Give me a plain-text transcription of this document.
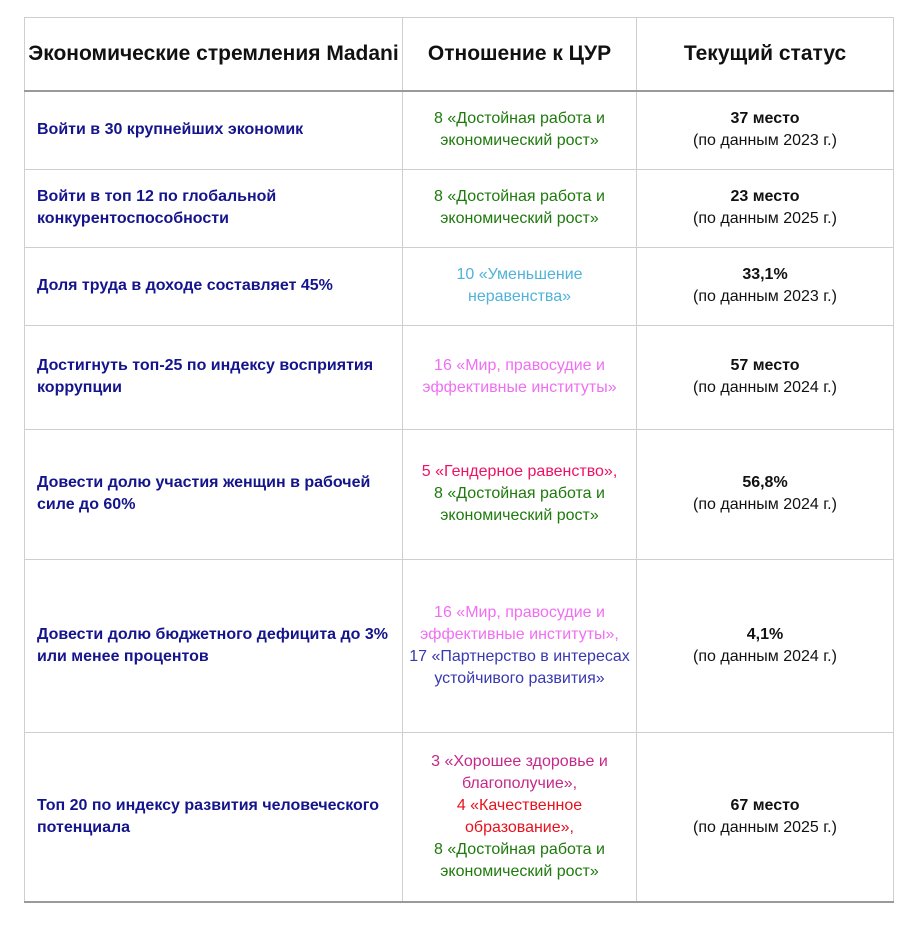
Экономические стремления Madani	Отношение к ЦУР	Текущий статус
Войти в 30 крупнейших экономик	8 «Достойная работа и экономический рост»	37 место
(по данным 2023 г.)

Войти в топ 12 по глобальной конкурентоспособности	8 «Достойная работа и экономический рост»	23 место
(по данным 2025 г.)

Доля труда в доходе составляет 45%	10 «Уменьшение неравенства»	33,1%
(по данным 2023 г.)

Достигнуть топ-25 по индексу восприятия коррупции	16 «Мир, правосудие и эффективные институты»	57 место
(по данным 2024 г.)

Довести долю участия женщин в рабочей силе до 60%	5 «Гендерное равенство»,
8 «Достойная работа и экономический рост»	56,8%
(по данным 2024 г.)

Довести долю бюджетного дефицита до 3% или менее процентов	16 «Мир, правосудие и эффективные институты»,
17 «Партнерство в интересах устойчивого развития»	4,1%
(по данным 2024 г.)

Топ 20 по индексу развития человеческого потенциала	3 «Хорошее здоровье и благополучие»,
4 «Качественное образование»,
8 «Достойная работа и экономический рост»	67 место
(по данным 2025 г.)
